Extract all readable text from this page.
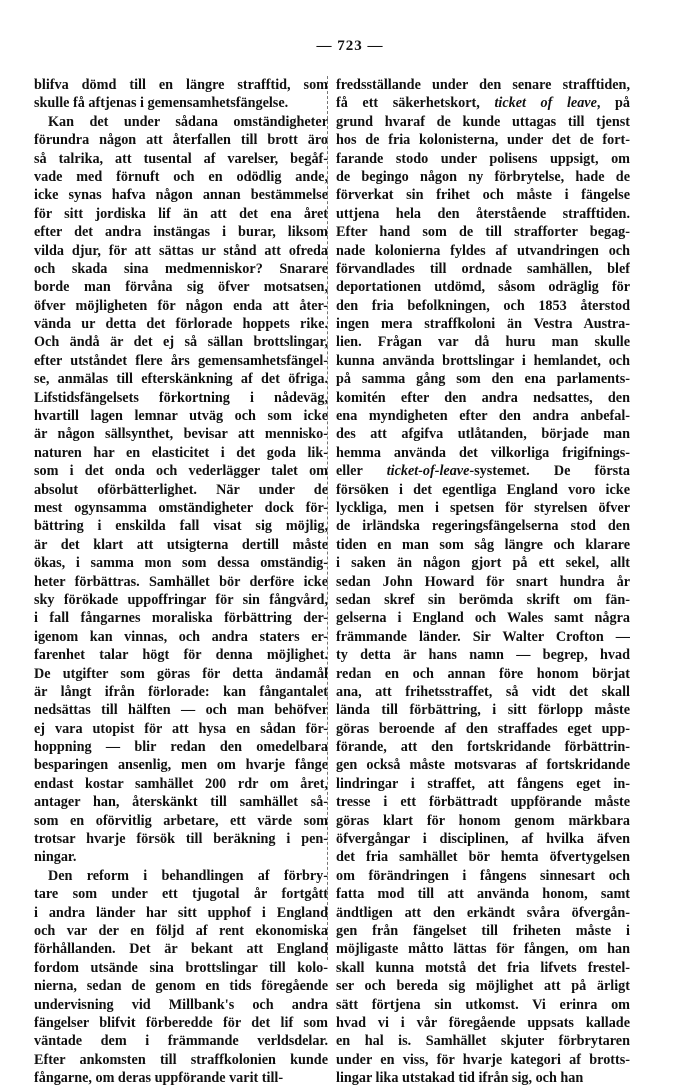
— 723 —
blifva dömd till en längre strafftid, som
skulle få aftjenas i gemensamhetsfängelse.
Kan det under sådana omständigheter
förundra någon att återfallen till brott äro
så talrika, att tusental af varelser, begåf-
vade med förnuft och en odödlig ande,
icke synas hafva någon annan bestämmelse
för sitt jordiska lif än att det ena året
efter det andra instängas i burar, liksom
vilda djur, för att sättas ur stånd att ofreda
och skada sina medmenniskor? Snarare
borde man förvåna sig öfver motsatsen,
öfver möjligheten för någon enda att åter-
vända ur detta det förlorade hoppets rike.
Och ändå är det ej så sällan brottslingar,
efter utståndet flere års gemensamhetsfängel-
se, anmälas till efterskänkning af det öfriga.
Lifstidsfängelsets förkortning i nådeväg,
hvartill lagen lemnar utväg och som icke
är någon sällsynthet, bevisar att menniskо-
naturen har en elasticitet i det goda lik-
som i det onda och vederlägger talet om
absolut oförbätterlighet. När under de
mest ogynsamma omständigheter dock för-
bättring i enskilda fall visat sig möjlig,
är det klart att utsigterna dertill måste
ökas, i samma mon som dessa omständig-
heter förbättras. Samhället bör derföre icke
sky förökade uppoffringar för sin fångvård,
i fall fångarnes moraliska förbättring der-
igenom kan vinnas, och andra staters er-
farenhet talar högt för denna möjlighet.
De utgifter som göras för detta ändamål
är långt ifrån förlorade: kan fångantalet
nedsättas till hälften — och man behöfver
ej vara utopist för att hysa en sådan för-
hoppning — blir redan den omedelbara
besparingen ansenlig, men om hvarje fånge
endast kostar samhället 200 rdr om året,
antager han, återskänkt till samhället så-
som en oförvitlig arbetare, ett värde som
trotsar hvarje försök till beräkning i pen-
ningar.
Den reform i behandlingen af förbry-
tare som under ett tjugotal år fortgått
i andra länder har sitt upphof i England
och var der en följd af rent ekonomiska
förhållanden. Det är bekant att England
fordom utsände sina brottslingar till kolo-
nierna, sedan de genom en tids föregående
undervisning vid Millbank's och andra
fängelser blifvit förberedde för det lif som
väntade dem i främmande verldsdelar.
Efter ankomsten till straffkolonien kunde
fångarne, om deras uppförande varit till-
fredsställande under den senare strafftiden,
få ett säkerhetskort, ticket of leave, på
grund hvaraf de kunde uttagas till tjenst
hos de fria kolonisterna, under det de fort-
farande stodo under polisens uppsigt, om
de begingo någon ny förbrytelse, hade de
förverkat sin frihet och måste i fängelse
uttjena hela den återstående strafftiden.
Efter hand som de till strafforter begag-
nade kolonierna fyldes af utvandringen och
förvandlades till ordnade samhällen, blef
deportationen utdömd, såsom odräglig för
den fria befolkningen, och 1853 återstod
ingen mera straffkoloni än Vestra Austra-
lien. Frågan var då huru man skulle
kunna använda brottslingar i hemlandet, och
på samma gång som den ena parlaments-
komitén efter den andra nedsattes, den
ena myndigheten efter den andra anbefal-
des att afgifva utlåtanden, började man
hemma använda det vilkorliga frigifnings-
eller ticket-of-leave-systemet. De första
försöken i det egentliga England voro icke
lyckliga, men i spetsen för styrelsen öfver
de irländska regeringsfängelserna stod den
tiden en man som såg längre och klarare
i saken än någon gjort på ett sekel, allt
sedan John Howard för snart hundra år
sedan skref sin berömda skrift om fän-
gelserna i England och Wales samt några
främmande länder. Sir Walter Crofton —
ty detta är hans namn — begrep, hvad
redan en och annan före honom börjat
ana, att frihetsstraffet, så vidt det skall
lända till förbättring, i sitt förlopp måste
göras beroende af den straffades eget upp-
förande, att den fortskridande förbättrin-
gen också måste motsvaras af fortskridande
lindringar i straffet, att fångens eget in-
tresse i ett förbättradt uppförande måste
göras klart för honom genom märkbara
öfvergångar i disciplinen, af hvilka äfven
det fria samhället bör hemta öfvertygelsen
om förändringen i fångens sinnesart och
fatta mod till att använda honom, samt
ändtligen att den erkändt svåra öfvergån-
gen från fängelset till friheten måste i
möjligaste måtto lättas för fången, om han
skall kunna motstå det fria lifvets frestel-
ser och bereda sig möjlighet att på ärligt
sätt förtjena sin utkomst. Vi erinra om
hvad vi i vår föregående uppsats kallade
en hal is. Samhället skjuter förbrytaren
under en viss, för hvarje kategori af brotts-
lingar lika utstakad tid ifrån sig, och han
